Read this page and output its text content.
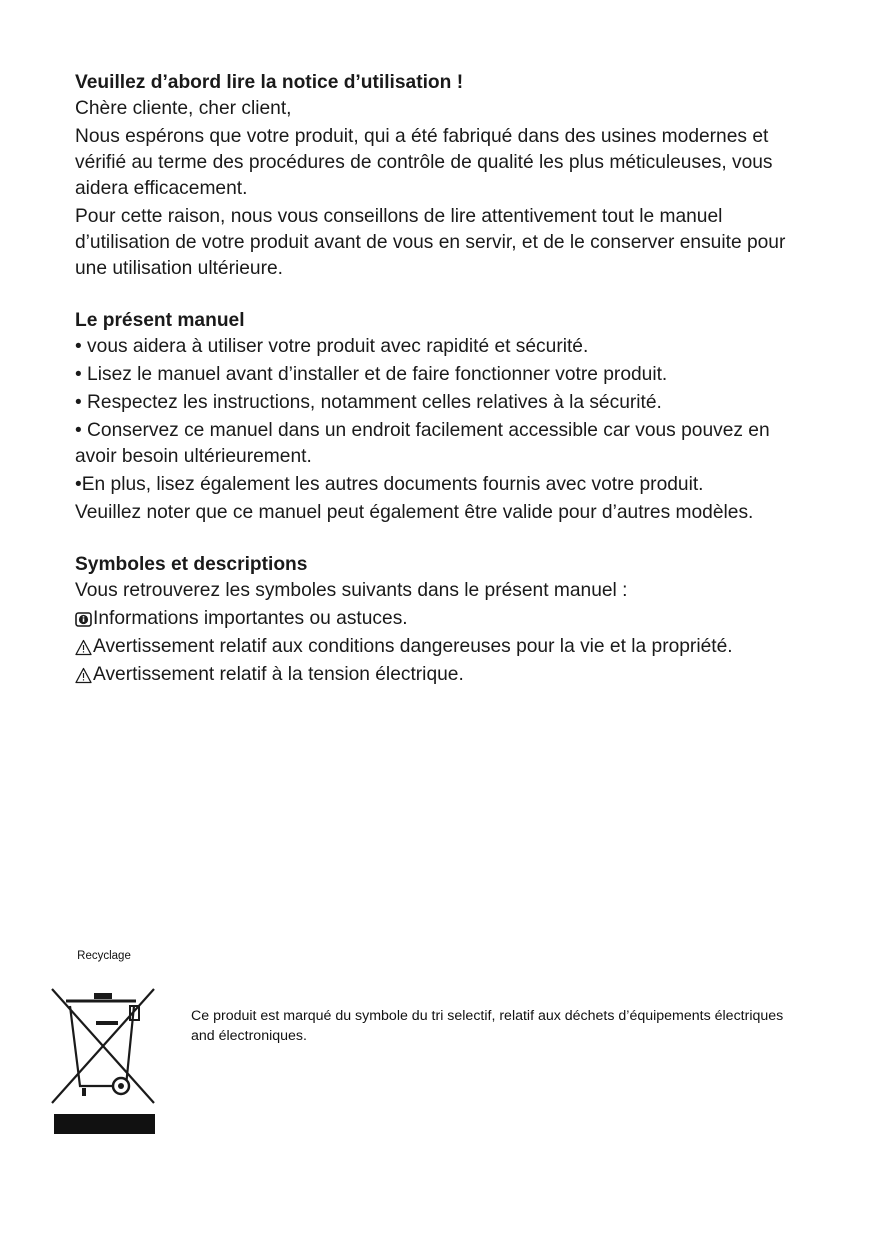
Veuillez d’abord lire la notice d’utilisation !

Chère cliente, cher client,

Nous espérons que votre produit, qui a été fabriqué dans des usines modernes et vérifié au terme des procédures de contrôle de qualité les plus méticuleuses, vous aidera efficacement.

Pour cette raison, nous vous conseillons de lire attentivement tout le manuel d’utilisation de votre produit avant de vous en servir, et de le conserver ensuite pour une utilisation ultérieure.

Le présent manuel

• vous aidera à utiliser votre produit avec rapidité et sécurité.

• Lisez le manuel avant d’installer et de faire fonctionner votre produit.

• Respectez les instructions, notamment celles relatives à la sécurité.

• Conservez ce manuel dans un endroit facilement accessible car vous pouvez en avoir besoin ultérieurement.

•En plus, lisez également les autres documents fournis avec votre produit.

Veuillez noter que ce manuel peut également être valide pour d’autres modèles.

Symboles et descriptions

Vous retrouverez les symboles suivants dans le présent manuel :

Informations importantes ou astuces.

Avertissement relatif aux conditions dangereuses pour la vie et la propriété.

Avertissement relatif à la tension électrique.

Recyclage

Ce produit est marqué du symbole du tri selectif, relatif aux déchets d’équipements électriques and électroniques.
